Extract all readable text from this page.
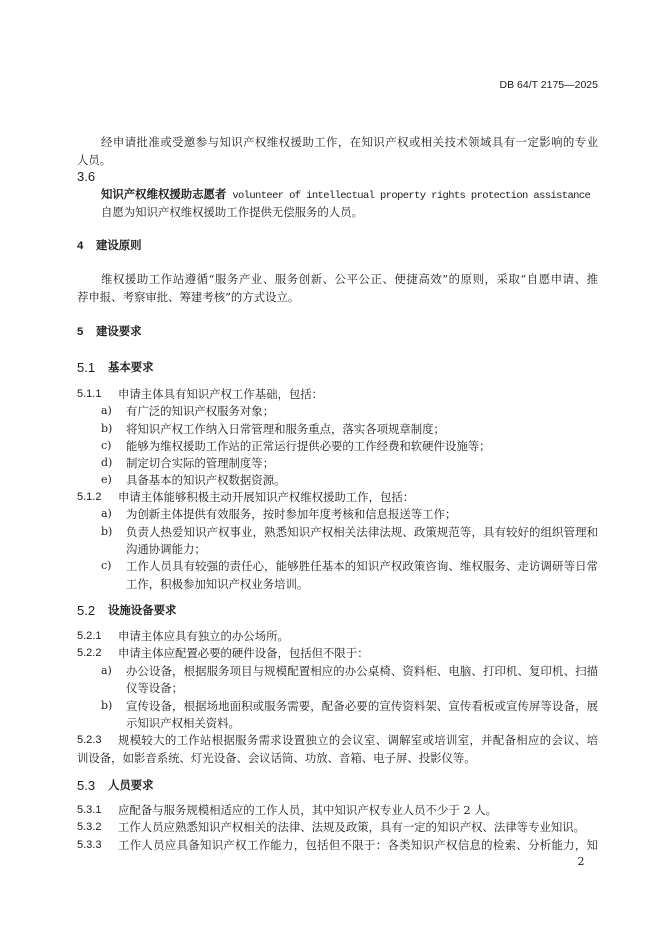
DB 64/T 2175—2025
经申请批准或受邀参与知识产权维权援助工作，在知识产权或相关技术领域具有一定影响的专业
人员。
3.6
知识产权维权援助志愿者 volunteer of intellectual property rights protection assistance
自愿为知识产权维权援助工作提供无偿服务的人员。
4 建设原则
维权援助工作站遵循“服务产业、服务创新、公平公正、便捷高效”的原则，采取“自愿申请、推
荐申报、考察审批、筹建考核”的方式设立。
5 建设要求
5.1 基本要求
5.1.1 申请主体具有知识产权工作基础，包括：
a) 有广泛的知识产权服务对象；
b) 将知识产权工作纳入日常管理和服务重点，落实各项规章制度；
c) 能够为维权援助工作站的正常运行提供必要的工作经费和软硬件设施等；
d) 制定切合实际的管理制度等；
e) 具备基本的知识产权数据资源。
5.1.2 申请主体能够积极主动开展知识产权维权援助工作，包括：
a) 为创新主体提供有效服务，按时参加年度考核和信息报送等工作；
b) 负责人热爱知识产权事业，熟悉知识产权相关法律法规、政策规范等，具有较好的组织管理和
沟通协调能力；
c) 工作人员具有较强的责任心，能够胜任基本的知识产权政策咨询、维权服务、走访调研等日常
工作，积极参加知识产权业务培训。
5.2 设施设备要求
5.2.1 申请主体应具有独立的办公场所。
5.2.2 申请主体应配置必要的硬件设备，包括但不限于：
a) 办公设备，根据服务项目与规模配置相应的办公桌椅、资料柜、电脑、打印机、复印机、扫描
仪等设备；
b) 宣传设备，根据场地面积或服务需要，配备必要的宣传资料架、宣传看板或宣传屏等设备，展
示知识产权相关资料。
5.2.3 规模较大的工作站根据服务需求设置独立的会议室、调解室或培训室，并配备相应的会议、培
训设备，如影音系统、灯光设备、会议话筒、功放、音箱、电子屏、投影仪等。
5.3 人员要求
5.3.1 应配备与服务规模相适应的工作人员，其中知识产权专业人员不少于 2 人。
5.3.2 工作人员应熟悉知识产权相关的法律、法规及政策，具有一定的知识产权、法律等专业知识。
5.3.3 工作人员应具备知识产权工作能力，包括但不限于：各类知识产权信息的检索、分析能力，知
2
